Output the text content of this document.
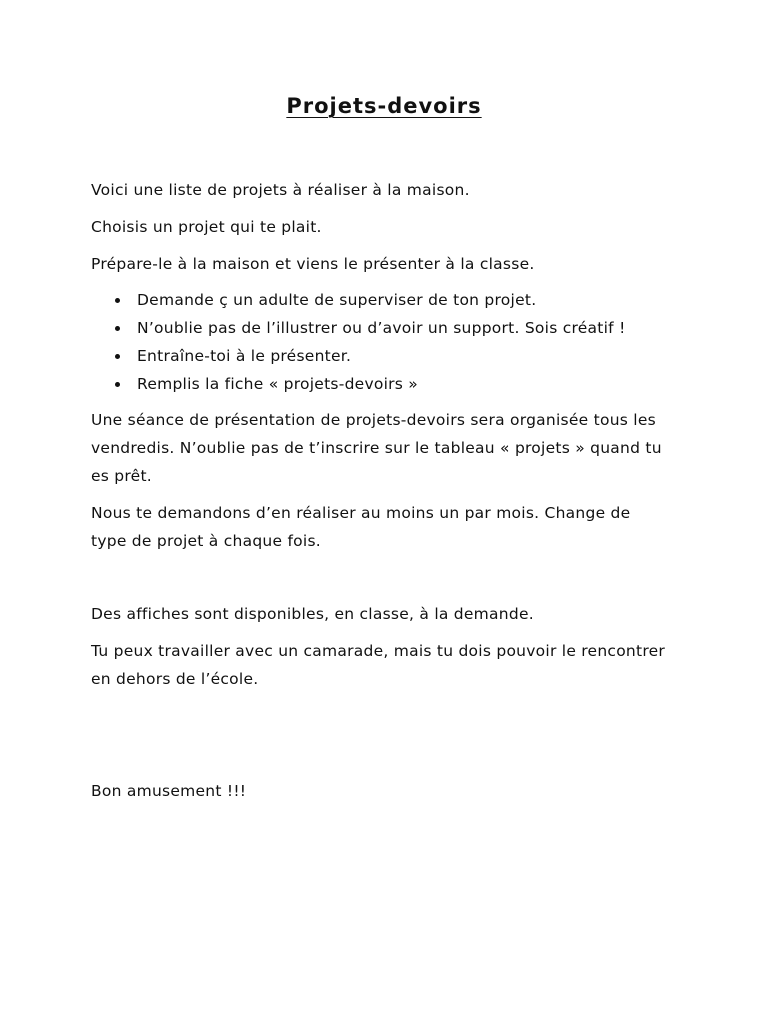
Projets-devoirs

Voici une liste de projets à réaliser à la maison.

Choisis un projet qui te plait.

Prépare-le à la maison et viens le présenter à la classe.

Demande ç un adulte de superviser de ton projet.
N’oublie pas de l’illustrer ou d’avoir un support. Sois créatif !
Entraîne-toi à le présenter.
Remplis la fiche « projets-devoirs »

Une séance de présentation de projets-devoirs sera organisée tous les vendredis. N’oublie pas de t’inscrire sur le tableau « projets » quand tu es prêt.

Nous te demandons d’en réaliser au moins un par mois. Change de type de projet à chaque fois.

Des affiches sont disponibles, en classe, à la demande.

Tu peux travailler avec un camarade, mais tu dois pouvoir le rencontrer en dehors de l’école.

Bon amusement !!!
